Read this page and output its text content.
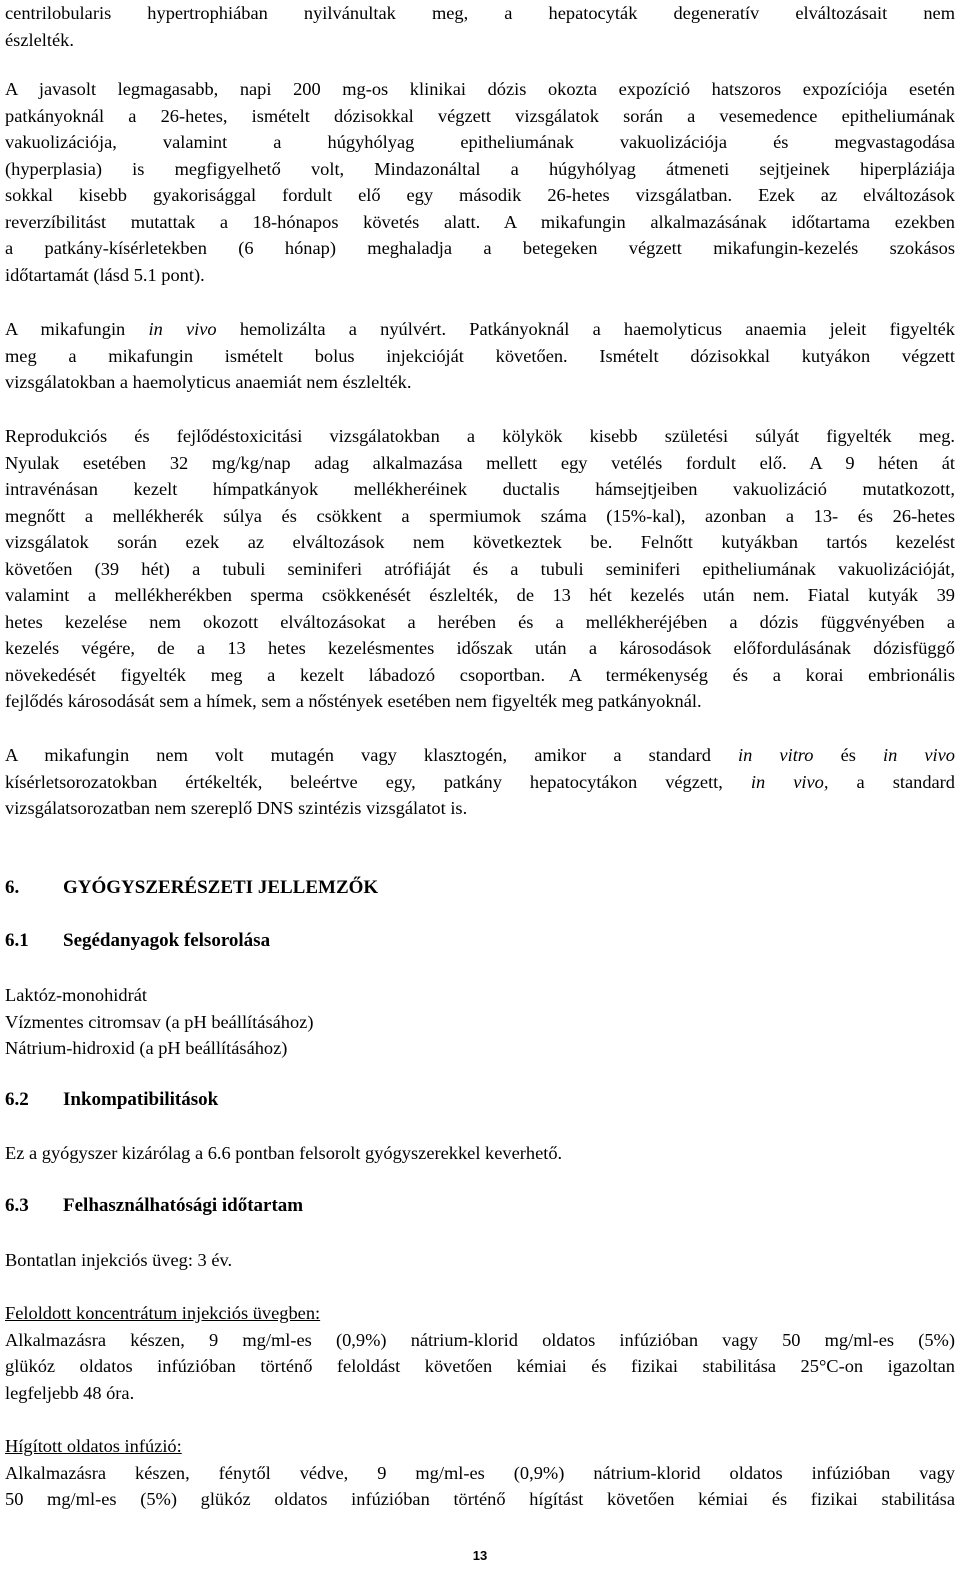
centrilobularis hypertrophiában nyilvánultak meg, a hepatocyták degeneratív elváltozásait nem
észlelték.
A javasolt legmagasabb, napi 200 mg-os klinikai dózis okozta expozíció hatszoros expozíciója esetén
patkányoknál a 26-hetes, ismételt dózisokkal végzett vizsgálatok során a vesemedence epitheliumának
vakuolizációja, valamint a húgyhólyag epitheliumának vakuolizációja és megvastagodása
(hyperplasia) is megfigyelhető volt, Mindazonáltal a húgyhólyag átmeneti sejtjeinek hiperpláziája
sokkal kisebb gyakorisággal fordult elő egy második 26-hetes vizsgálatban. Ezek az elváltozások
reverzíbilitást mutattak a 18-hónapos követés alatt. A mikafungin alkalmazásának időtartama ezekben
a patkány-kísérletekben (6 hónap) meghaladja a betegeken végzett mikafungin-kezelés szokásos
időtartamát (lásd 5.1 pont).
A mikafungin in vivo hemolizálta a nyúlvért. Patkányoknál a haemolyticus anaemia jeleit figyelték
meg a mikafungin ismételt bolus injekcióját követően. Ismételt dózisokkal kutyákon végzett
vizsgálatokban a haemolyticus anaemiát nem észlelték.
Reprodukciós és fejlődéstoxicitási vizsgálatokban a kölykök kisebb születési súlyát figyelték meg.
Nyulak esetében 32 mg/kg/nap adag alkalmazása mellett egy vetélés fordult elő. A 9 héten át
intravénásan kezelt hímpatkányok mellékheréinek ductalis hámsejtjeiben vakuolizáció mutatkozott,
megnőtt a mellékherék súlya és csökkent a spermiumok száma (15%-kal), azonban a 13- és 26-hetes
vizsgálatok során ezek az elváltozások nem következtek be. Felnőtt kutyákban tartós kezelést
követően (39 hét) a tubuli seminiferi atrófiáját és a tubuli seminiferi epitheliumának vakuolizációját,
valamint a mellékherékben sperma csökkenését észlelték, de 13 hét kezelés után nem. Fiatal kutyák 39
hetes kezelése nem okozott elváltozásokat a herében és a mellékheréjében a dózis függvényében a
kezelés végére, de a 13 hetes kezelésmentes időszak után a károsodások előfordulásának dózisfüggő
növekedését figyelték meg a kezelt lábadozó csoportban. A termékenység és a korai embrionális
fejlődés károsodását sem a hímek, sem a nőstények esetében nem figyelték meg patkányoknál.
A mikafungin nem volt mutagén vagy klasztogén, amikor a standard in vitro és in vivo
kísérletsorozatokban értékelték, beleértve egy, patkány hepatocytákon végzett, in vivo, a standard
vizsgálatsorozatban nem szereplő DNS szintézis vizsgálatot is.
6. GYÓGYSZERÉSZETI JELLEMZŐK
6.1 Segédanyagok felsorolása
Laktóz-monohidrát
Vízmentes citromsav (a pH beállításához)
Nátrium-hidroxid (a pH beállításához)
6.2 Inkompatibilitások
Ez a gyógyszer kizárólag a 6.6 pontban felsorolt gyógyszerekkel keverhető.
6.3 Felhasználhatósági időtartam
Bontatlan injekciós üveg: 3 év.
Feloldott koncentrátum injekciós üvegben:
Alkalmazásra készen, 9 mg/ml-es (0,9%) nátrium-klorid oldatos infúzióban vagy 50 mg/ml-es (5%)
glükóz oldatos infúzióban történő feloldást követően kémiai és fizikai stabilitása 25°C-on igazoltan
legfeljebb 48 óra.
Hígított oldatos infúzió:
Alkalmazásra készen, fénytől védve, 9 mg/ml-es (0,9%) nátrium-klorid oldatos infúzióban vagy
50 mg/ml-es (5%) glükóz oldatos infúzióban történő hígítást követően kémiai és fizikai stabilitása
13
